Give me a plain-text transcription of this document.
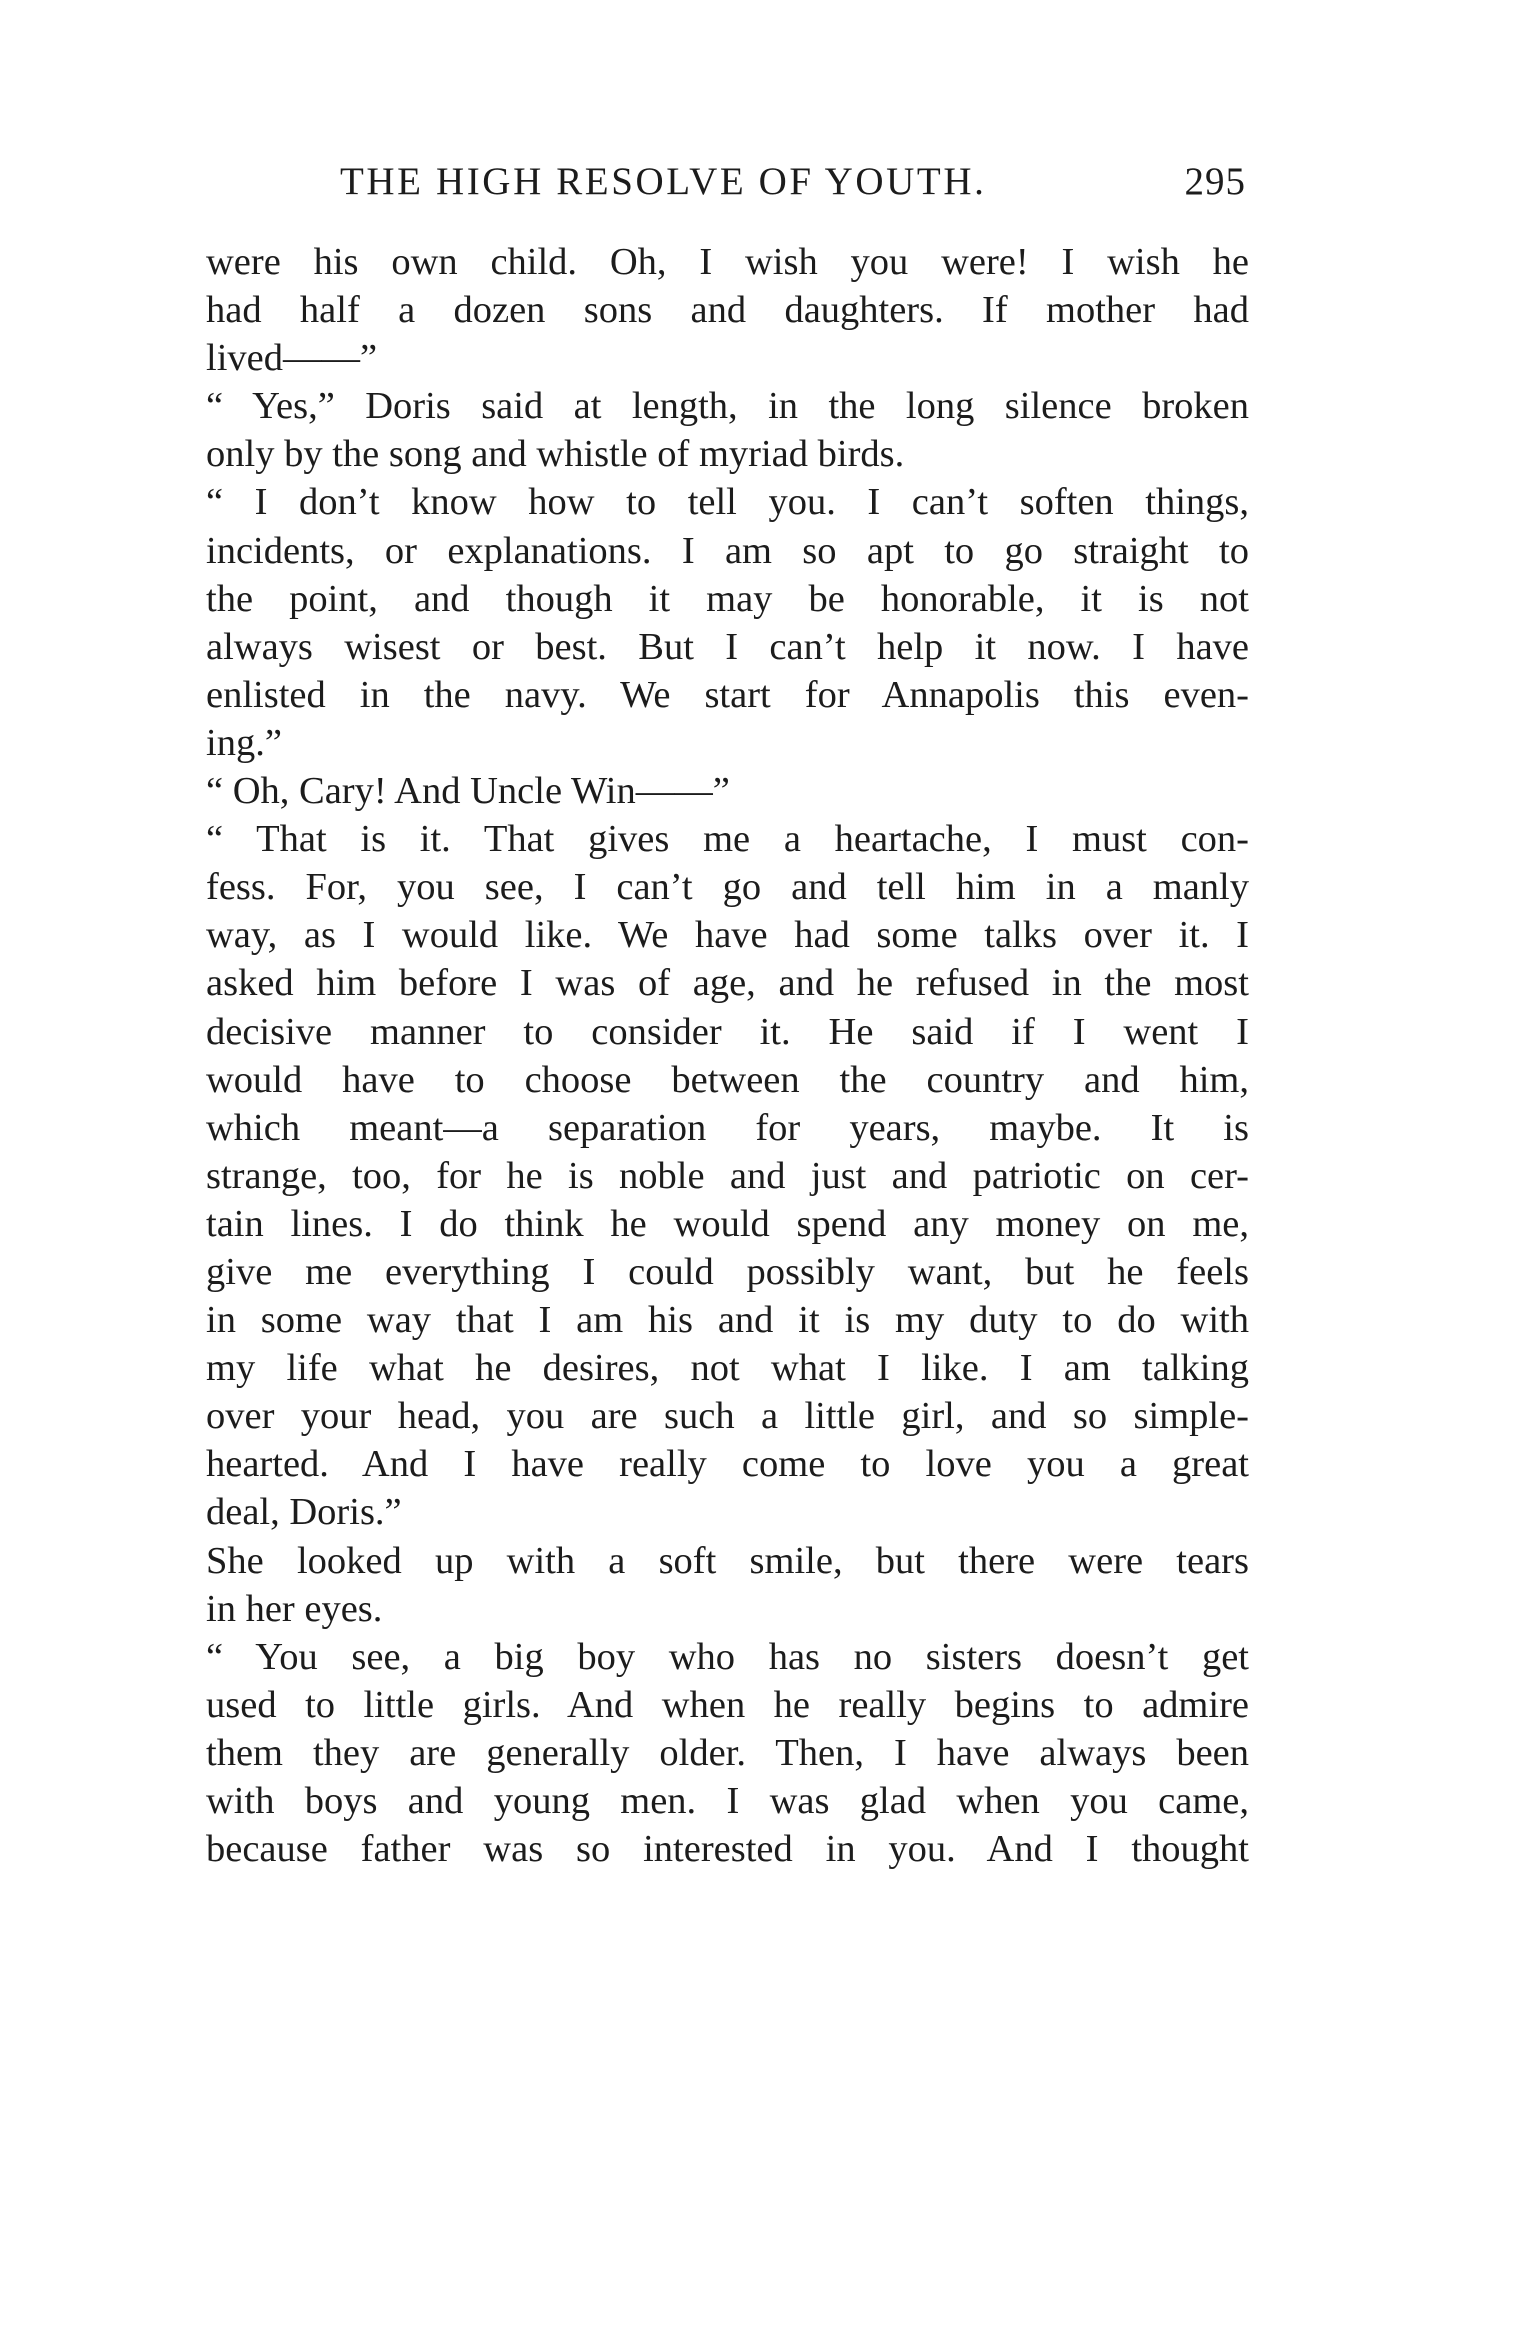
THE HIGH RESOLVE OF YOUTH.	295
were his own child. Oh, I wish you were! I wish he
had half a dozen sons and daughters. If mother had
lived——”
“ Yes,” Doris said at length, in the long silence broken
only by the song and whistle of myriad birds.
“ I don’t know how to tell you. I can’t soften things,
incidents, or explanations. I am so apt to go straight to
the point, and though it may be honorable, it is not
always wisest or best. But I can’t help it now. I have
enlisted in the navy. We start for Annapolis this even-
ing.”
“ Oh, Cary! And Uncle Win——”
“ That is it. That gives me a heartache, I must con-
fess. For, you see, I can’t go and tell him in a manly
way, as I would like. We have had some talks over it. I
asked him before I was of age, and he refused in the most
decisive manner to consider it. He said if I went I
would have to choose between the country and him,
which meant—a separation for years, maybe. It is
strange, too, for he is noble and just and patriotic on cer-
tain lines. I do think he would spend any money on me,
give me everything I could possibly want, but he feels
in some way that I am his and it is my duty to do with
my life what he desires, not what I like. I am talking
over your head, you are such a little girl, and so simple-
hearted. And I have really come to love you a great
deal, Doris.”
She looked up with a soft smile, but there were tears
in her eyes.
“ You see, a big boy who has no sisters doesn’t get
used to little girls. And when he really begins to admire
them they are generally older. Then, I have always been
with boys and young men. I was glad when you came,
because father was so interested in you. And I thought
